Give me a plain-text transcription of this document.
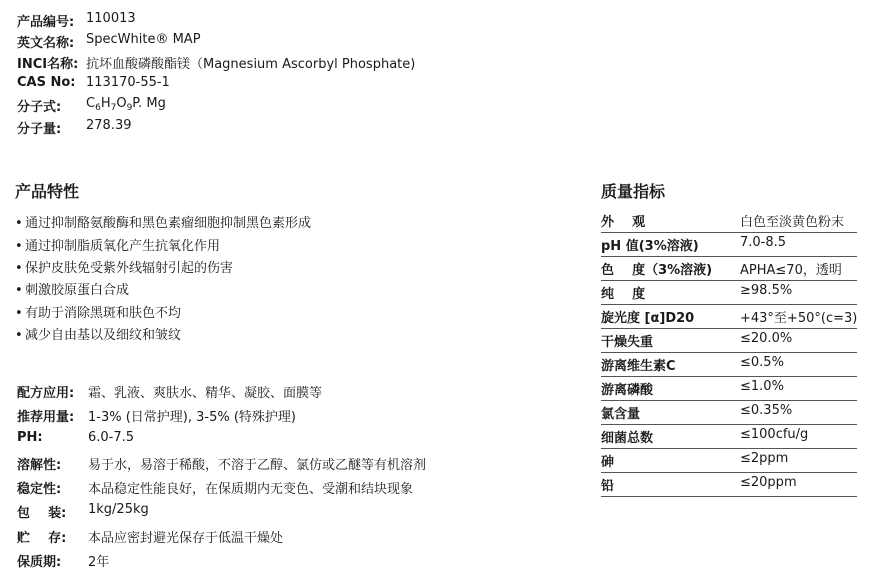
产品编号: 110013
英文名称: SpecWhite® MAP
INCI名称: 抗坏血酸磷酸酯镁（Magnesium Ascorbyl Phosphate)
CAS No: 113170-55-1
分子式: $C_6H_7O_9P$. Mg
分子量: 278.39
产品特性
• 通过抑制酪氨酸酶和黑色素瘤细胞抑制黑色素形成
• 通过抑制脂质氧化产生抗氧化作用
• 保护皮肤免受紫外线辐射引起的伤害
• 刺激胶原蛋白合成
• 有助于消除黑斑和肤色不均
• 减少自由基以及细纹和皱纹
配方应用: 霜、乳液、爽肤水、精华、凝胶、面膜等
推荐用量: 1-3% (日常护理), 3-5% (特殊护理)
PH:	6.0-7.5
溶解性: 易于水，易溶于稀酸，不溶于乙醇、氯仿或乙醚等有机溶剂
稳定性: 本品稳定性能良好，在保质期内无变色、受潮和结块现象
包    装: 1kg/25kg
贮    存: 本品应密封避光保存于低温干燥处
保质期: 2年
质量指标
外    观	白色至淡黄色粉末
pH 值(3%溶液)	7.0-8.5
色    度（3%溶液) APHA≤70，透明
纯    度	≥98.5%
旋光度 [α]D20	+43°至+50°(c=3)
干燥失重	≤20.0%
游离维生素C	≤0.5%
游离磷酸	≤1.0%
氯含量	≤0.35%
细菌总数	≤100cfu/g
砷	≤2ppm
铅	≤20ppm
